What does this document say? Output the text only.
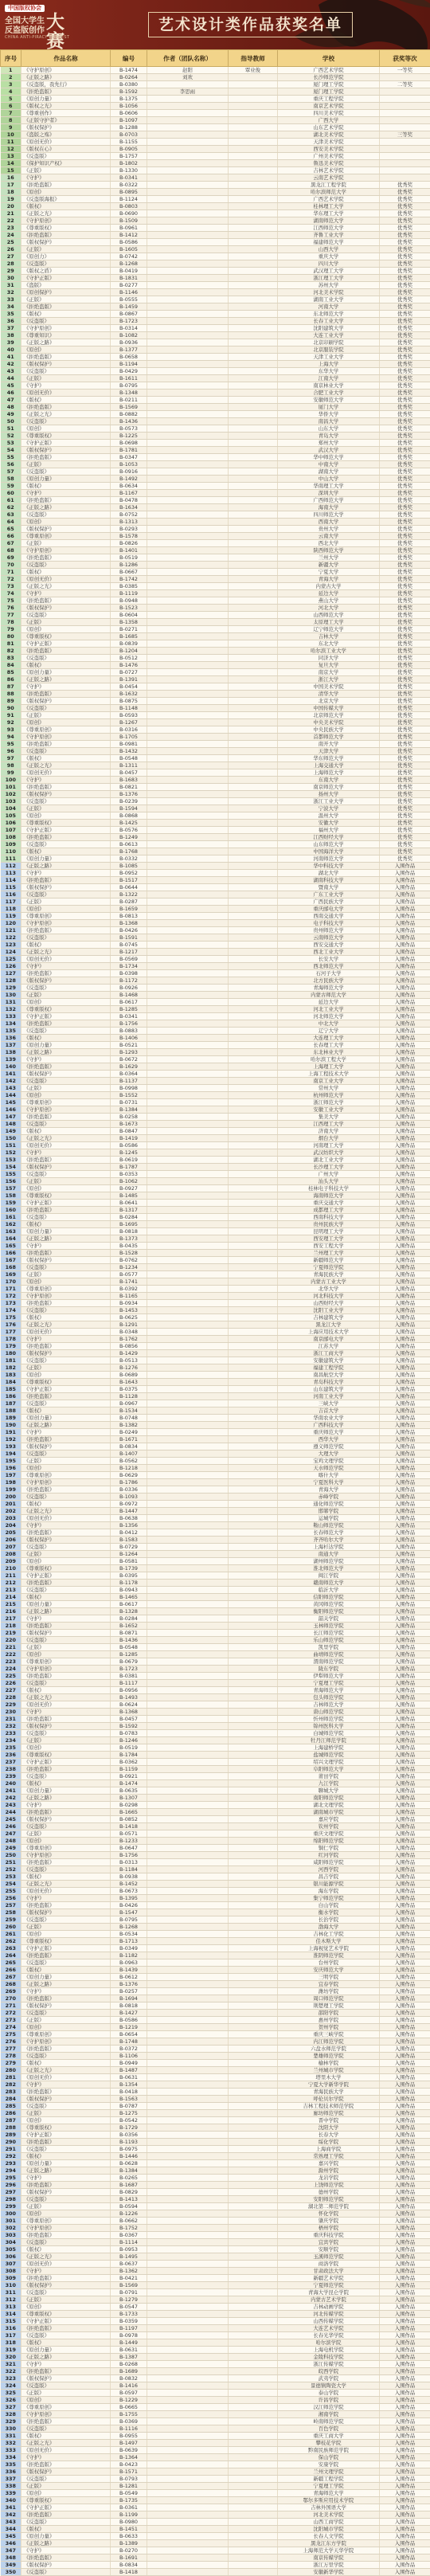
中国版权协会
全国大学生
反盗版创作 大赛
CHINA ANTI-PIRACY CONTEST
艺术设计类作品获奖名单
序号	作品名称	编号	作者（团队名称）	指导教师	学校	获奖等次
1	《守护原创》	B-1474	赵阳	覃业俊	广西艺术学院	一等奖
2	《正版之路》	B-0264	刘欢		长沙师范学院	
3	《反盗版，我先行》	B-0380			厦门理工学院	二等奖
4	《拒绝盗版》	B-1592	李思雨		厦门理工学院	
5	《原创力量》	B-1375			重庆工程学院	
6	《版权之光》	B-1056			南京艺术学院	
7	《尊重创作》	B-0606			四川美术学院	
8	《正版守护者》	B-1097			广西大学	
9	《版权保护》	B-1288			山东艺术学院	
10	《盗版之殇》	B-0703			湖北美术学院	三等奖
11	《原创无价》	B-1155			天津美术学院	
12	《版权在心》	B-0905			西安美术学院	
13	《反盗版》	B-1757			广州美术学院	
14	《保护知识产权》	B-1802			鲁迅美术学院	
15	《正版》	B-1330			吉林艺术学院	
16	《守护》	B-0341			云南艺术学院	
17	《拒绝盗版》	B-0322			黑龙江工程学院	优秀奖
18	《原创》	B-0895			哈尔滨师范大学	优秀奖
19	《反盗版海报》	B-1124			广西艺术学院	优秀奖
20	《版权》	B-0803			桂林理工大学	优秀奖
21	《正版之光》	B-0690			华东理工大学	优秀奖
22	《守护原创》	B-1509			湖南师范大学	优秀奖
23	《尊重版权》	B-0961			江西师范大学	优秀奖
24	《拒绝盗版》	B-1412			齐鲁工业大学	优秀奖
25	《版权保护》	B-0586			福建师范大学	优秀奖
26	《正版》	B-1605			山西大学	优秀奖
27	《原创力》	B-0742			重庆大学	优秀奖
28	《反盗版》	B-1268			四川大学	优秀奖
29	《版权之盾》	B-0419			武汉理工大学	优秀奖
30	《守护正版》	B-1831			浙江理工大学	优秀奖
31	《盗版》	B-0277			苏州大学	优秀奖
32	《原创保护》	B-1146			河北美术学院	优秀奖
33	《正版》	B-0555			湖南工业大学	优秀奖
34	《拒绝盗版》	B-1459			河南大学	优秀奖
35	《版权》	B-0867			东北师范大学	优秀奖
36	《反盗版》	B-1723			长春工业大学	优秀奖
37	《守护原创》	B-0314			沈阳建筑大学	优秀奖
38	《尊重知识》	B-1082			大连工业大学	优秀奖
39	《正版之路》	B-0936			北京印刷学院	优秀奖
40	《原创》	B-1377			北京服装学院	优秀奖
41	《拒绝盗版》	B-0658			天津工业大学	优秀奖
42	《版权保护》	B-1194			上海大学	优秀奖
43	《反盗版》	B-0429			东华大学	优秀奖
44	《正版》	B-1611			江南大学	优秀奖
45	《守护》	B-0795			南京林业大学	优秀奖
46	《原创无价》	B-1348			合肥工业大学	优秀奖
47	《版权》	B-0211			安徽师范大学	优秀奖
48	《拒绝盗版》	B-1569			厦门大学	优秀奖
49	《正版之光》	B-0882			华侨大学	优秀奖
50	《反盗版》	B-1436			南昌大学	优秀奖
51	《原创》	B-0573			山东大学	优秀奖
52	《尊重版权》	B-1225			青岛大学	优秀奖
53	《守护正版》	B-0698			郑州大学	优秀奖
54	《版权保护》	B-1781			武汉大学	优秀奖
55	《拒绝盗版》	B-0347			华中师范大学	优秀奖
56	《正版》	B-1053			中南大学	优秀奖
57	《反盗版》	B-0916			湖南大学	优秀奖
58	《原创力量》	B-1492			中山大学	优秀奖
59	《版权》	B-0634			华南理工大学	优秀奖
60	《守护》	B-1167			深圳大学	优秀奖
61	《拒绝盗版》	B-0478			广西师范大学	优秀奖
62	《正版之路》	B-1634			海南大学	优秀奖
63	《反盗版》	B-0752			四川师范大学	优秀奖
64	《原创》	B-1313			西南大学	优秀奖
65	《版权保护》	B-0293			贵州大学	优秀奖
66	《尊重原创》	B-1578			云南大学	优秀奖
67	《正版》	B-0826			西北大学	优秀奖
68	《守护原创》	B-1401			陕西师范大学	优秀奖
69	《拒绝盗版》	B-0519			兰州大学	优秀奖
70	《反盗版》	B-1286			新疆大学	优秀奖
71	《版权》	B-0667			宁夏大学	优秀奖
72	《原创无价》	B-1742			青海大学	优秀奖
73	《正版之光》	B-0385			内蒙古大学	优秀奖
74	《守护》	B-1119			延边大学	优秀奖
75	《拒绝盗版》	B-0948			燕山大学	优秀奖
76	《版权保护》	B-1523			河北大学	优秀奖
77	《反盗版》	B-0604			山西师范大学	优秀奖
78	《正版》	B-1358			太原理工大学	优秀奖
79	《原创》	B-0271			辽宁师范大学	优秀奖
80	《尊重版权》	B-1685			吉林大学	优秀奖
81	《守护正版》	B-0839			东北大学	优秀奖
82	《拒绝盗版》	B-1204			哈尔滨工业大学	优秀奖
83	《反盗版》	B-0512			同济大学	优秀奖
84	《版权》	B-1476			复旦大学	优秀奖
85	《原创力量》	B-0727			南京大学	优秀奖
86	《正版之路》	B-1391			浙江大学	优秀奖
87	《守护》	B-0454			中国美术学院	优秀奖
88	《拒绝盗版》	B-1632			清华大学	优秀奖
89	《版权保护》	B-0875			北京大学	优秀奖
90	《反盗版》	B-1148			中国传媒大学	优秀奖
91	《正版》	B-0593			北京师范大学	优秀奖
92	《原创》	B-1267			中央美术学院	优秀奖
93	《尊重原创》	B-0316			中央民族大学	优秀奖
94	《守护原创》	B-1705			首都师范大学	优秀奖
95	《拒绝盗版》	B-0981			南开大学	优秀奖
96	《反盗版》	B-1432			天津大学	优秀奖
97	《版权》	B-0548			华东师范大学	优秀奖
98	《正版之光》	B-1311			上海交通大学	优秀奖
99	《原创无价》	B-0457			上海师范大学	优秀奖
100	《守护》	B-1683			东南大学	优秀奖
101	《拒绝盗版》	B-0821			南京师范大学	优秀奖
102	《版权保护》	B-1376			扬州大学	优秀奖
103	《反盗版》	B-0239			浙江工业大学	优秀奖
104	《正版》	B-1594			宁波大学	优秀奖
105	《原创》	B-0868			温州大学	优秀奖
106	《尊重版权》	B-1425			安徽大学	优秀奖
107	《守护正版》	B-0576			福州大学	优秀奖
108	《拒绝盗版》	B-1249			江西财经大学	优秀奖
109	《反盗版》	B-0613			山东师范大学	优秀奖
110	《版权》	B-1768			中国海洋大学	优秀奖
111	《原创力量》	B-0332			河南师范大学	优秀奖
112	《正版之路》	B-1085			华中科技大学	入围作品
113	《守护》	B-0952			湖北大学	入围作品
114	《拒绝盗版》	B-1517			湖南科技大学	入围作品
115	《版权保护》	B-0644			暨南大学	入围作品
116	《反盗版》	B-1322			广东工业大学	入围作品
117	《正版》	B-0287			广西民族大学	入围作品
118	《原创》	B-1659			重庆邮电大学	入围作品
119	《尊重原创》	B-0813			西南交通大学	入围作品
120	《守护原创》	B-1368			电子科技大学	入围作品
121	《拒绝盗版》	B-0426			贵州师范大学	入围作品
122	《反盗版》	B-1591			云南师范大学	入围作品
123	《版权》	B-0745			西安交通大学	入围作品
124	《正版之光》	B-1217			西北工业大学	入围作品
125	《原创无价》	B-0569			长安大学	入围作品
126	《守护》	B-1734			西北师范大学	入围作品
127	《拒绝盗版》	B-0398			石河子大学	入围作品
128	《版权保护》	B-1172			北方民族大学	入围作品
129	《反盗版》	B-0926			青海师范大学	入围作品
130	《正版》	B-1468			内蒙古师范大学	入围作品
131	《原创》	B-0617			延边大学	入围作品
132	《尊重版权》	B-1285			河北工业大学	入围作品
133	《守护正版》	B-0341			河北师范大学	入围作品
134	《拒绝盗版》	B-1756			中北大学	入围作品
135	《反盗版》	B-0883			辽宁大学	入围作品
136	《版权》	B-1406			大连理工大学	入围作品
137	《原创力量》	B-0521			长春理工大学	入围作品
138	《正版之路》	B-1293			东北林业大学	入围作品
139	《守护》	B-0672			哈尔滨工程大学	入围作品
140	《拒绝盗版》	B-1629			上海理工大学	入围作品
141	《版权保护》	B-0364			上海工程技术大学	入围作品
142	《反盗版》	B-1137			南京工业大学	入围作品
143	《正版》	B-0998			常州大学	入围作品
144	《原创》	B-1552			杭州师范大学	入围作品
145	《尊重原创》	B-0731			浙江师范大学	入围作品
146	《守护原创》	B-1384			安徽工业大学	入围作品
147	《拒绝盗版》	B-0258			集美大学	入围作品
148	《反盗版》	B-1673			江西理工大学	入围作品
149	《版权》	B-0847			济南大学	入围作品
150	《正版之光》	B-1419			烟台大学	入围作品
151	《原创无价》	B-0586			河南理工大学	入围作品
152	《守护》	B-1245			武汉纺织大学	入围作品
153	《拒绝盗版》	B-0619			湖北工业大学	入围作品
154	《版权保护》	B-1787			长沙理工大学	入围作品
155	《反盗版》	B-0353			广州大学	入围作品
156	《正版》	B-1062			汕头大学	入围作品
157	《原创》	B-0927			桂林电子科技大学	入围作品
158	《尊重版权》	B-1485			海南师范大学	入围作品
159	《守护正版》	B-0641			重庆交通大学	入围作品
160	《拒绝盗版》	B-1317			成都理工大学	入围作品
161	《反盗版》	B-0284			西南科技大学	入围作品
162	《版权》	B-1695			贵州民族大学	入围作品
163	《原创力量》	B-0818			昆明理工大学	入围作品
164	《正版之路》	B-1373			西安理工大学	入围作品
165	《守护》	B-0435			西安工程大学	入围作品
166	《拒绝盗版》	B-1528			兰州理工大学	入围作品
167	《版权保护》	B-0762			新疆师范大学	入围作品
168	《反盗版》	B-1234			宁夏师范学院	入围作品
169	《正版》	B-0577			青海民族大学	入围作品
170	《原创》	B-1741			内蒙古工业大学	入围作品
171	《尊重原创》	B-0392			北华大学	入围作品
172	《守护原创》	B-1165			河北科技大学	入围作品
173	《拒绝盗版》	B-0934			山西财经大学	入围作品
174	《反盗版》	B-1453			沈阳工业大学	入围作品
175	《版权》	B-0625			吉林建筑大学	入围作品
176	《正版之光》	B-1291			黑龙江大学	入围作品
177	《原创无价》	B-0348			上海应用技术大学	入围作品
178	《守护》	B-1762			南京邮电大学	入围作品
179	《拒绝盗版》	B-0856			江苏大学	入围作品
180	《版权保护》	B-1429			浙江工商大学	入围作品
181	《反盗版》	B-0513			安徽建筑大学	入围作品
182	《正版》	B-1276			福建工程学院	入围作品
183	《原创》	B-0689			南昌航空大学	入围作品
184	《尊重版权》	B-1643			青岛科技大学	入围作品
185	《守护正版》	B-0375			山东建筑大学	入围作品
186	《拒绝盗版》	B-1128			河南工业大学	入围作品
187	《反盗版》	B-0967			三峡大学	入围作品
188	《版权》	B-1534			吉首大学	入围作品
189	《原创力量》	B-0748			华南农业大学	入围作品
190	《正版之路》	B-1382			广西科技大学	入围作品
191	《守护》	B-0249			重庆师范大学	入围作品
192	《拒绝盗版》	B-1671			西华大学	入围作品
193	《版权保护》	B-0834			遵义师范学院	入围作品
194	《反盗版》	B-1407			大理大学	入围作品
195	《正版》	B-0562			宝鸡文理学院	入围作品
196	《原创》	B-1218			天水师范学院	入围作品
197	《尊重原创》	B-0629			喀什大学	入围作品
198	《守护原创》	B-1786			宁夏医科大学	入围作品
199	《拒绝盗版》	B-0336			青海大学	入围作品
200	《反盗版》	B-1093			赤峰学院	入围作品
201	《版权》	B-0972			通化师范学院	入围作品
202	《正版之光》	B-1447			邯郸学院	入围作品
203	《原创无价》	B-0638			运城学院	入围作品
204	《守护》	B-1356			鞍山师范学院	入围作品
205	《拒绝盗版》	B-0412			长春师范大学	入围作品
206	《版权保护》	B-1583			齐齐哈尔大学	入围作品
207	《反盗版》	B-0729			上海杉达学院	入围作品
208	《正版》	B-1264			南通大学	入围作品
209	《原创》	B-0581			湖州师范学院	入围作品
210	《尊重版权》	B-1739			淮北师范大学	入围作品
211	《守护正版》	B-0395			闽江学院	入围作品
212	《拒绝盗版》	B-1178			赣南师范大学	入围作品
213	《反盗版》	B-0943			临沂大学	入围作品
214	《版权》	B-1465			信阳师范学院	入围作品
215	《原创力量》	B-0617			黄冈师范学院	入围作品
216	《正版之路》	B-1328			衡阳师范学院	入围作品
217	《守护》	B-0284			韶关学院	入围作品
218	《拒绝盗版》	B-1652			玉林师范学院	入围作品
219	《版权保护》	B-0871			长江师范学院	入围作品
220	《反盗版》	B-1436			乐山师范学院	入围作品
221	《正版》	B-0548			凯里学院	入围作品
222	《原创》	B-1285			曲靖师范学院	入围作品
223	《尊重原创》	B-0679			渭南师范学院	入围作品
224	《守护原创》	B-1723			陇东学院	入围作品
225	《拒绝盗版》	B-0381			伊犁师范大学	入围作品
226	《反盗版》	B-1117			宁夏理工学院	入围作品
227	《版权》	B-0956			青海师范大学	入围作品
228	《正版之光》	B-1493			包头师范学院	入围作品
229	《原创无价》	B-0624			吉林师范大学	入围作品
230	《守护》	B-1368			唐山师范学院	入围作品
231	《拒绝盗版》	B-0457			忻州师范学院	入围作品
232	《版权保护》	B-1592			锦州医科大学	入围作品
233	《反盗版》	B-0783			白城师范学院	入围作品
234	《正版》	B-1246			牡丹江师范学院	入围作品
235	《原创》	B-0519			上海建桥学院	入围作品
236	《尊重版权》	B-1784			盐城师范学院	入围作品
237	《守护正版》	B-0362			绍兴文理学院	入围作品
238	《拒绝盗版》	B-1159			阜阳师范大学	入围作品
239	《反盗版》	B-0921			莆田学院	入围作品
240	《版权》	B-1474			九江学院	入围作品
241	《原创力量》	B-0635			聊城大学	入围作品
242	《正版之路》	B-1307			南阳师范学院	入围作品
243	《守护》	B-0298			湖北文理学院	入围作品
244	《拒绝盗版》	B-1665			湖南城市学院	入围作品
245	《版权保护》	B-0852			嘉应学院	入围作品
246	《反盗版》	B-1418			钦州学院	入围作品
247	《正版》	B-0571			重庆文理学院	入围作品
248	《原创》	B-1233			绵阳师范学院	入围作品
249	《尊重原创》	B-0647			铜仁学院	入围作品
250	《守护原创》	B-1756			红河学院	入围作品
251	《拒绝盗版》	B-0313			咸阳师范学院	入围作品
252	《反盗版》	B-1184			河西学院	入围作品
253	《版权》	B-0938			昌吉学院	入围作品
254	《正版之光》	B-1452			银川能源学院	入围作品
255	《原创无价》	B-0673			海东学院	入围作品
256	《守护》	B-1395			集宁师范学院	入围作品
257	《拒绝盗版》	B-0426			白山学院	入围作品
258	《版权保护》	B-1547			衡水学院	入围作品
259	《反盗版》	B-0795			长治学院	入围作品
260	《正版》	B-1268			渤海大学	入围作品
261	《原创》	B-0534			吉林化工学院	入围作品
262	《尊重版权》	B-1713			佳木斯大学	入围作品
263	《守护正版》	B-0349			上海视觉艺术学院	入围作品
264	《拒绝盗版》	B-1182			淮阴师范学院	入围作品
265	《反盗版》	B-0963			台州学院	入围作品
266	《版权》	B-1439			安庆师范大学	入围作品
267	《原创力量》	B-0612			三明学院	入围作品
268	《正版之路》	B-1376			宜春学院	入围作品
269	《守护》	B-0257			潍坊学院	入围作品
270	《拒绝盗版》	B-1694			周口师范学院	入围作品
271	《版权保护》	B-0818			荆楚理工学院	入围作品
272	《反盗版》	B-1427			邵阳学院	入围作品
273	《正版》	B-0586			惠州学院	入围作品
274	《原创》	B-1219			贺州学院	入围作品
275	《尊重原创》	B-0654			重庆三峡学院	入围作品
276	《守护原创》	B-1748			内江师范学院	入围作品
277	《拒绝盗版》	B-0372			六盘水师范学院	入围作品
278	《反盗版》	B-1106			楚雄师范学院	入围作品
279	《版权》	B-0949			榆林学院	入围作品
280	《正版之光》	B-1487			兰州城市学院	入围作品
281	《原创无价》	B-0631			塔里木大学	入围作品
282	《守护》	B-1354			宁夏大学新华学院	入围作品
283	《拒绝盗版》	B-0418			青海民族大学	入围作品
284	《版权保护》	B-1563			呼伦贝尔学院	入围作品
285	《反盗版》	B-0787			吉林工程技术师范学院	入围作品
286	《正版》	B-1275			廊坊师范学院	入围作品
287	《原创》	B-0542			晋中学院	入围作品
288	《尊重版权》	B-1729			沈阳大学	入围作品
289	《守护正版》	B-0356			长春大学	入围作品
290	《拒绝盗版》	B-1193			绥化学院	入围作品
291	《反盗版》	B-0975			上海商学院	入围作品
292	《版权》	B-1446			常熟理工学院	入围作品
293	《原创力量》	B-0628			嘉兴学院	入围作品
294	《正版之路》	B-1384			滁州学院	入围作品
295	《守护》	B-0265			龙岩学院	入围作品
296	《拒绝盗版》	B-1687			上饶师范学院	入围作品
297	《版权保护》	B-0829			德州学院	入围作品
298	《反盗版》	B-1413			安阳师范学院	入围作品
299	《正版》	B-0594			湖北第二师范学院	入围作品
300	《原创》	B-1226			怀化学院	入围作品
301	《尊重原创》	B-0662			肇庆学院	入围作品
302	《守护原创》	B-1752			梧州学院	入围作品
303	《拒绝盗版》	B-0367			重庆科技学院	入围作品
304	《反盗版》	B-1114			宜宾学院	入围作品
305	《版权》	B-0953			安顺学院	入围作品
306	《正版之光》	B-1495			玉溪师范学院	入围作品
307	《原创无价》	B-0637			商洛学院	入围作品
308	《守护》	B-1362			甘肃政法大学	入围作品
309	《拒绝盗版》	B-0421			新疆艺术学院	入围作品
310	《版权保护》	B-1569			宁夏师范学院	入围作品
311	《反盗版》	B-0791			青海大学昆仑学院	入围作品
312	《正版》	B-1279			内蒙古艺术学院	入围作品
313	《原创》	B-0547			吉林动画学院	入围作品
314	《尊重版权》	B-1733			河北传媒学院	入围作品
315	《守护正版》	B-0359			山西传媒学院	入围作品
316	《拒绝盗版》	B-1197			大连艺术学院	入围作品
317	《反盗版》	B-0978			长春光华学院	入围作品
318	《版权》	B-1449			哈尔滨学院	入围作品
319	《原创力量》	B-0631			上海电机学院	入围作品
320	《正版之路》	B-1387			金陵科技学院	入围作品
321	《守护》	B-0268			浙江传媒学院	入围作品
322	《拒绝盗版》	B-1689			皖西学院	入围作品
323	《版权保护》	B-0832			武夷学院	入围作品
324	《反盗版》	B-1416			景德镇陶瓷大学	入围作品
325	《正版》	B-0597			泰山学院	入围作品
326	《原创》	B-1229			许昌学院	入围作品
327	《尊重原创》	B-0665			汉江师范学院	入围作品
328	《守护原创》	B-1755			湘南学院	入围作品
329	《拒绝盗版》	B-0369			岭南师范学院	入围作品
330	《反盗版》	B-1116			百色学院	入围作品
331	《版权》	B-0955			重庆工商大学	入围作品
332	《正版之光》	B-1497			攀枝花学院	入围作品
333	《原创无价》	B-0639			黔南民族师范学院	入围作品
334	《守护》	B-1364			保山学院	入围作品
335	《拒绝盗版》	B-0423			安康学院	入围作品
336	《版权保护》	B-1571			兰州文理学院	入围作品
337	《反盗版》	B-0793			新疆工程学院	入围作品
338	《正版》	B-1281			宁夏理工学院	入围作品
339	《原创》	B-0549			青海师范大学	入围作品
340	《尊重版权》	B-1735			鄂尔多斯应用技术学院	入围作品
341	《守护正版》	B-0361			吉林外国语大学	入围作品
342	《拒绝盗版》	B-1199			河北美术学院	入围作品
343	《反盗版》	B-0980			山西工商学院	入围作品
344	《版权》	B-1451			沈阳城市学院	入围作品
345	《原创力量》	B-0633			长春人文学院	入围作品
346	《正版之路》	B-1389			黑龙江东方学院	入围作品
347	《守护》	B-0270			上海师范大学天华学院	入围作品
348	《拒绝盗版》	B-1691			南京传媒学院	入围作品
349	《版权保护》	B-0834			浙江万里学院	入围作品
350	《反盗版》	B-1418			安徽新华学院	入围作品
